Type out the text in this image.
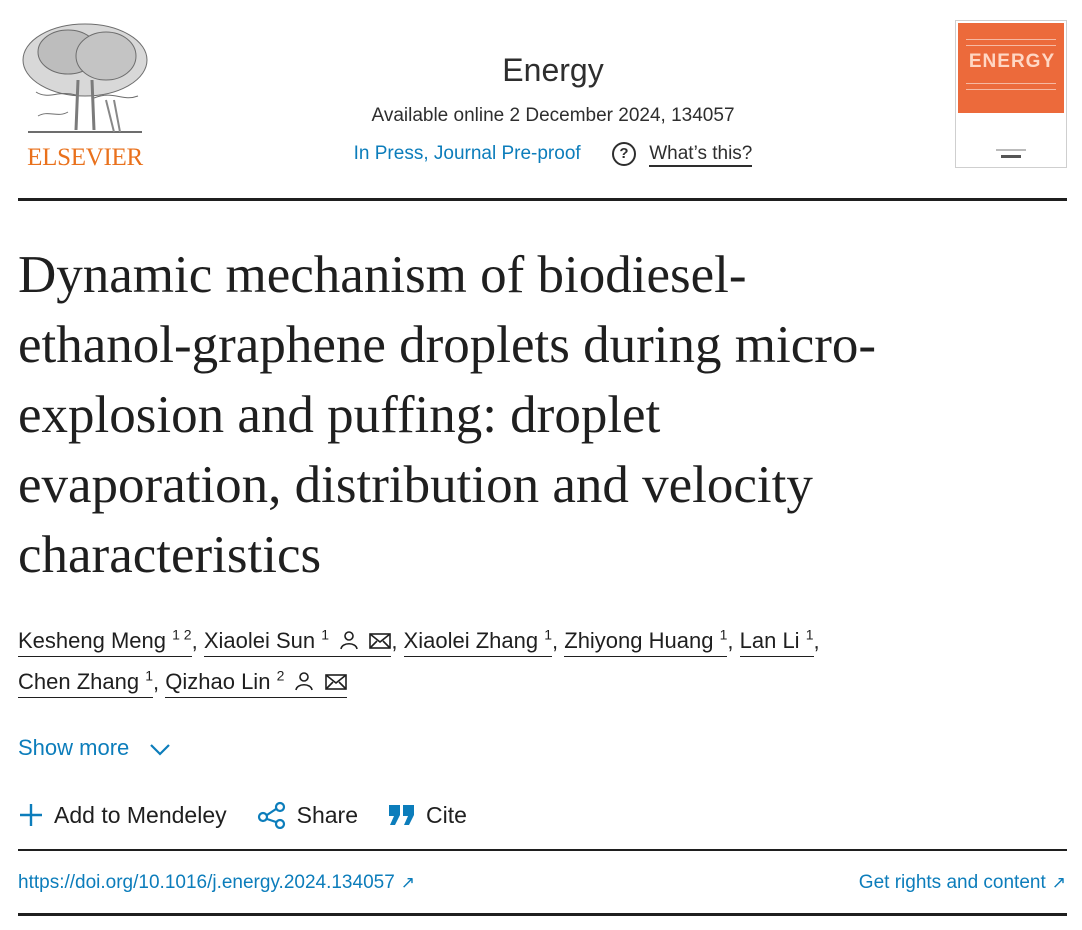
ELSEVIER
Energy
Available online 2 December 2024, 134057
In Press, Journal Pre-proof	? What’s this?
ENERGY
Dynamic mechanism of biodiesel-
ethanol-graphene droplets during micro-
explosion and puffing: droplet
evaporation, distribution and velocity
characteristics
Kesheng Meng $^{1 2}$, Xiaolei Sun $^1$	, Xiaolei Zhang $^1$, Zhiyong Huang $^1$, Lan Li $^1$,
Chen Zhang $^1$, Qizhao Lin $^2$
Show more
Add to Mendeley	Share	Cite
https://doi.org/10.1016/j.energy.2024.134057 ↗	Get rights and content ↗
